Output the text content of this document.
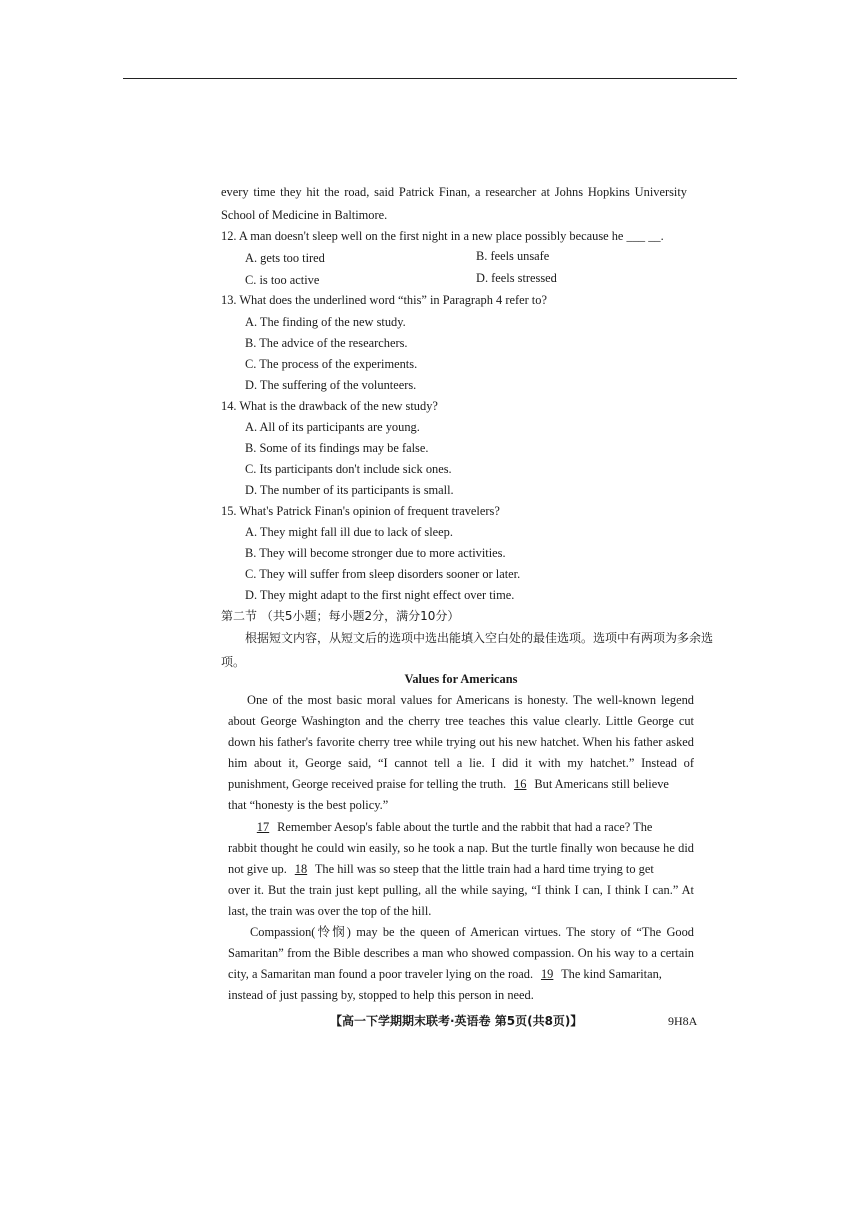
every time they hit the road, said Patrick Finan, a researcher at Johns Hopkins University
School of Medicine in Baltimore.
12. A man doesn't sleep well on the first night in a new place possibly because he ___ __.
A. gets too tired	B. feels unsafe
C. is too active	D. feels stressed
13. What does the underlined word “this” in Paragraph 4 refer to?
A. The finding of the new study.
B. The advice of the researchers.
C. The process of the experiments.
D. The suffering of the volunteers.
14. What is the drawback of the new study?
A. All of its participants are young.
B. Some of its findings may be false.
C. Its participants don't include sick ones.
D. The number of its participants is small.
15. What's Patrick Finan's opinion of frequent travelers?
A. They might fall ill due to lack of sleep.
B. They will become stronger due to more activities.
C. They will suffer from sleep disorders sooner or later.
D. They might adapt to the first night effect over time.
第二节 （共5小题；每小题2分，满分10分）
根据短文内容，从短文后的选项中选出能填入空白处的最佳选项。选项中有两项为多余选
项。
Values for Americans
One of the most basic moral values for Americans is honesty. The well-known legend
about George Washington and the cherry tree teaches this value clearly. Little George cut
down his father's favorite cherry tree while trying out his new hatchet. When his father asked
him about it, George said, “I cannot tell a lie. I did it with my hatchet.” Instead of
punishment, George received praise for telling the truth. 16 But Americans still believe
that “honesty is the best policy.”
17 Remember Aesop's fable about the turtle and the rabbit that had a race? The
rabbit thought he could win easily, so he took a nap. But the turtle finally won because he did
not give up. 18 The hill was so steep that the little train had a hard time trying to get
over it. But the train just kept pulling, all the while saying, “I think I can, I think I can.” At
last, the train was over the top of the hill.
Compassion(怜悯) may be the queen of American virtues. The story of “The Good
Samaritan” from the Bible describes a man who showed compassion. On his way to a certain
city, a Samaritan man found a poor traveler lying on the road. 19 The kind Samaritan,
instead of just passing by, stopped to help this person in need.
【高一下学期期末联考·英语卷 第5页(共8页)】	9H8A
